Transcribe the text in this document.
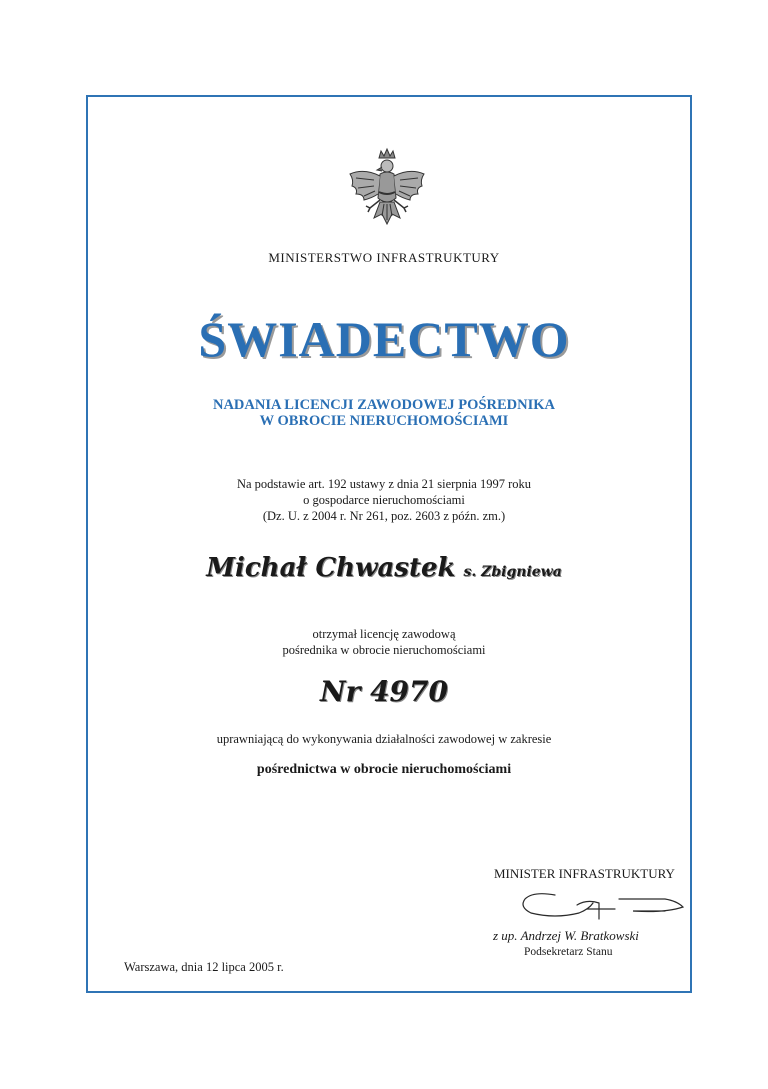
MINISTERSTWO INFRASTRUKTURY
ŚWIADECTWO
NADANIA LICENCJI ZAWODOWEJ POŚREDNIKA
W OBROCIE NIERUCHOMOŚCIAMI
Na podstawie art. 192 ustawy z dnia 21 sierpnia 1997 roku
o gospodarce nieruchomościami
(Dz. U. z 2004 r. Nr 261, poz. 2603 z późn. zm.)
Michał Chwastek s. Zbigniewa
otrzymał licencję zawodową
pośrednika w obrocie nieruchomościami
Nr 4970
uprawniającą do wykonywania działalności zawodowej w zakresie
pośrednictwa w obrocie nieruchomościami
MINISTER INFRASTRUKTURY
z up. Andrzej W. Bratkowski
Podsekretarz Stanu
Warszawa, dnia 12 lipca 2005 r.
